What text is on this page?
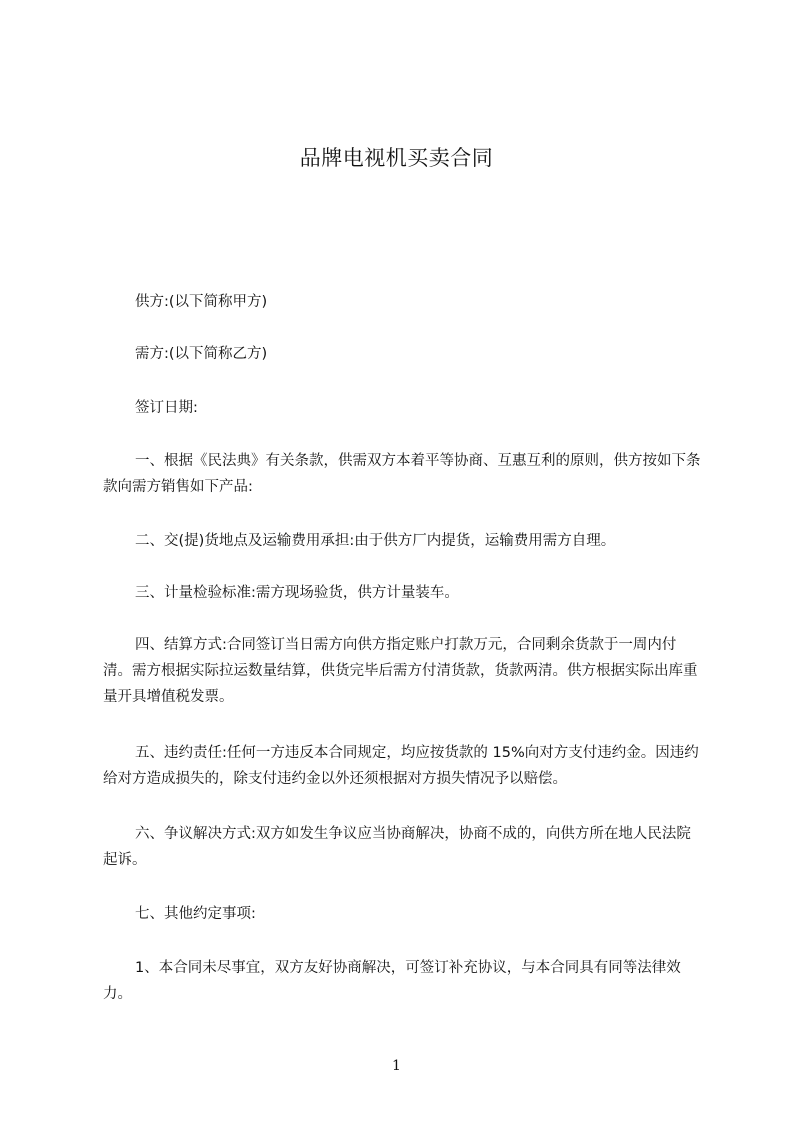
品牌电视机买卖合同
供方:(以下简称甲方)
需方:(以下简称乙方)
签订日期:
一、根据《民法典》有关条款，供需双方本着平等协商、互惠互利的原则，供方按如下条款向需方销售如下产品:
二、交(提)货地点及运输费用承担:由于供方厂内提货，运输费用需方自理。
三、计量检验标准:需方现场验货，供方计量装车。
四、结算方式:合同签订当日需方向供方指定账户打款万元，合同剩余货款于一周内付清。需方根据实际拉运数量结算，供货完毕后需方付清货款，货款两清。供方根据实际出库重量开具增值税发票。
五、违约责任:任何一方违反本合同规定，均应按货款的 15%向对方支付违约金。因违约给对方造成损失的，除支付违约金以外还须根据对方损失情况予以赔偿。
六、争议解决方式:双方如发生争议应当协商解决，协商不成的，向供方所在地人民法院起诉。
七、其他约定事项:
1、本合同未尽事宜，双方友好协商解决，可签订补充协议，与本合同具有同等法律效力。
1
